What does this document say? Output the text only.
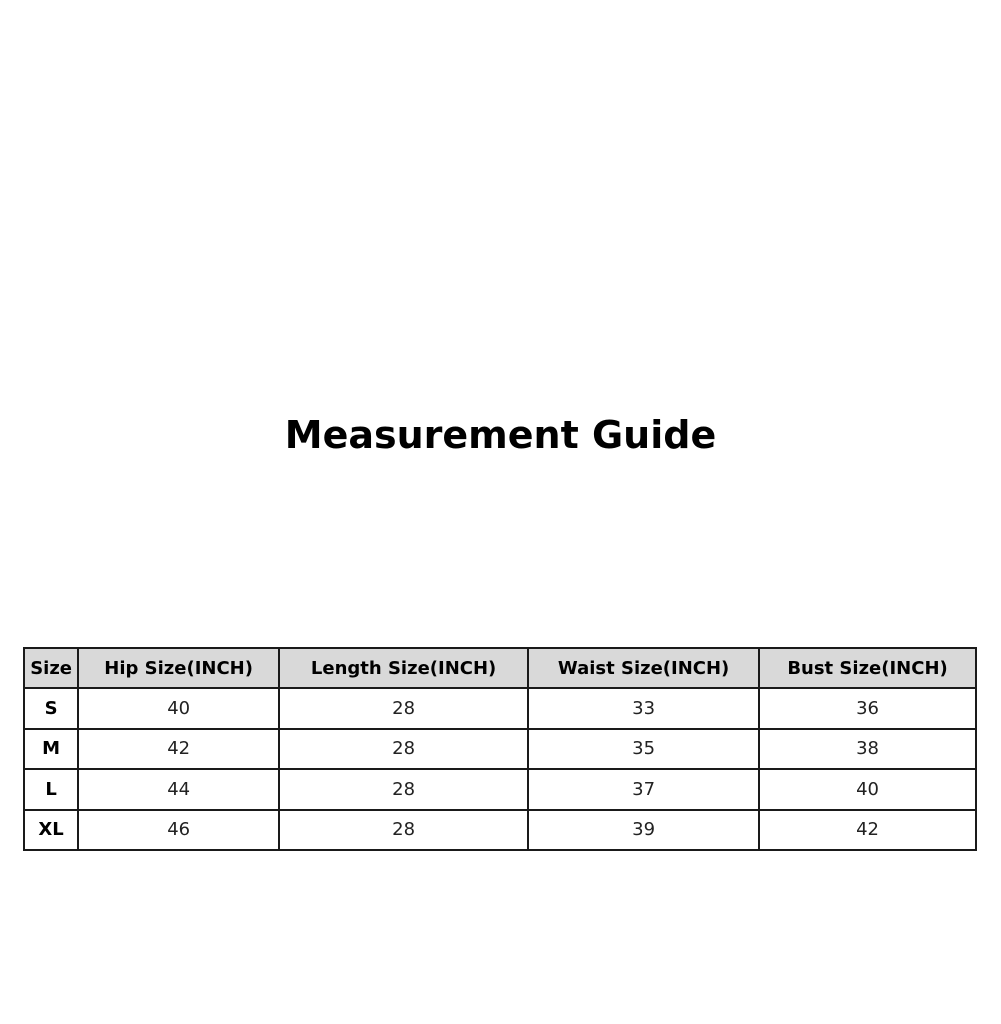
Measurement Guide
Size	Hip Size(INCH)	Length Size(INCH)	Waist Size(INCH)	Bust Size(INCH)
S	40	28	33	36
M	42	28	35	38
L	44	28	37	40
XL	46	28	39	42
